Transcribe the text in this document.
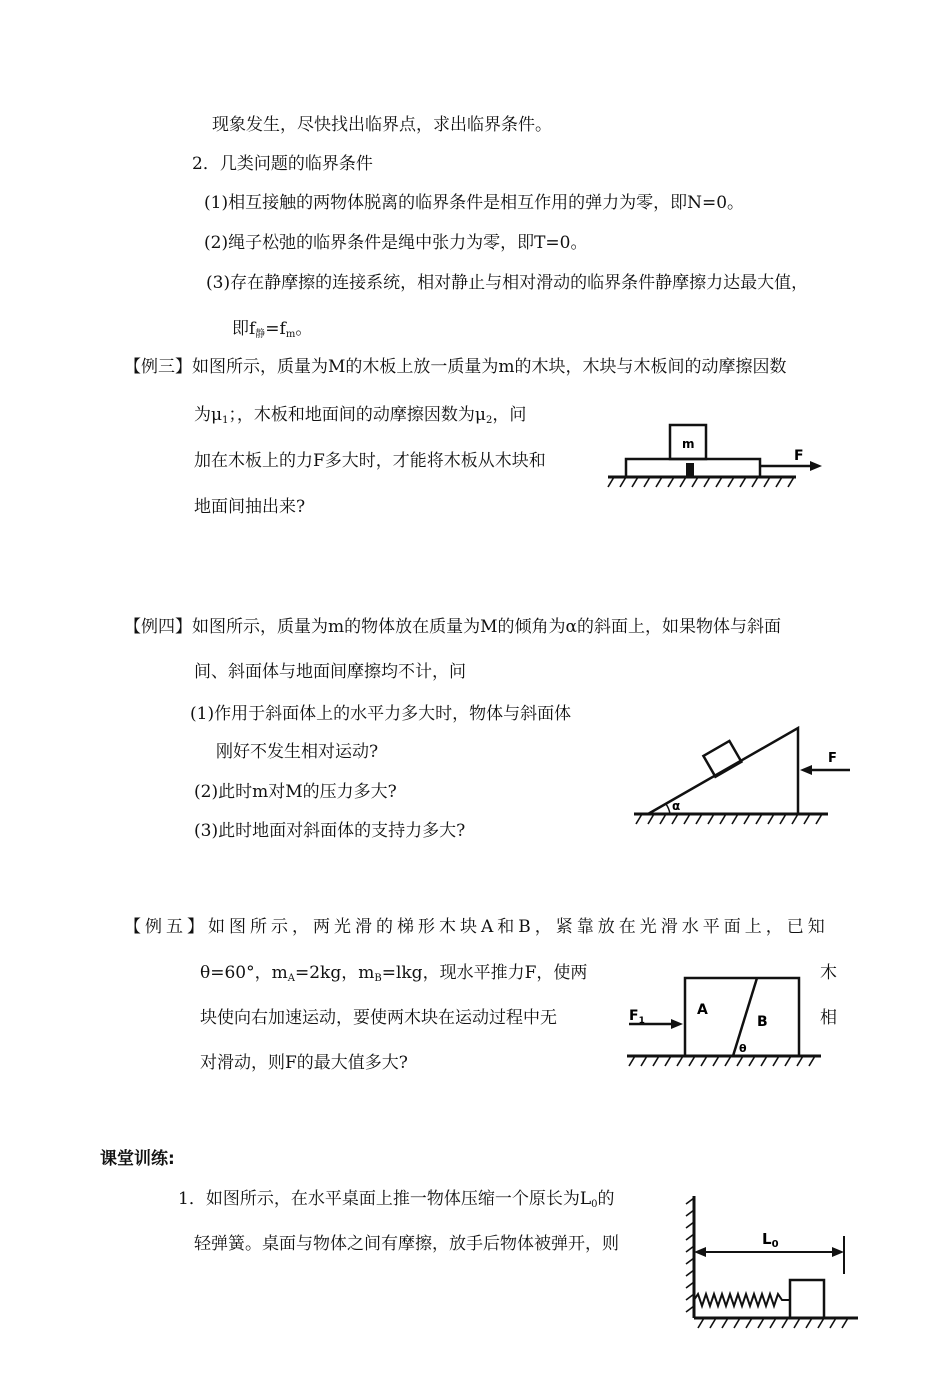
现象发生，尽快找出临界点，求出临界条件。
2．几类问题的临界条件
(1)相互接触的两物体脱离的临界条件是相互作用的弹力为零，即N=0。
(2)绳子松弛的临界条件是绳中张力为零，即T=0。
(3)存在静摩擦的连接系统，相对静止与相对滑动的临界条件静摩擦力达最大值，
即$f_静=f_m$。
【例三】如图所示，质量为M的木板上放一质量为m的木块，木块与木板间的动摩擦因数
为$\mu_1$；，木板和地面间的动摩擦因数为$\mu_2$，问
加在木板上的力F多大时，才能将木板从木块和
地面间抽出来?
m
F
【例四】如图所示，质量为m的物体放在质量为M的倾角为α的斜面上，如果物体与斜面
间、斜面体与地面间摩擦均不计，问
(1)作用于斜面体上的水平力多大时，物体与斜面体
刚好不发生相对运动?
(2)此时m对M的压力多大?
(3)此时地面对斜面体的支持力多大?
α
F
【例五】如图所示，两光滑的梯形木块A和B，紧靠放在光滑水平面上，已知
θ=60°，$m_A=2kg$，$m_B=lkg$，现水平推力F，使两	木
块使向右加速运动，要使两木块在运动过程中无	相
对滑动，则F的最大值多大?
A
B
θ
$F_1$
课堂训练:
1．如图所示，在水平桌面上推一物体压缩一个原长为$L_0$的
轻弹簧。桌面与物体之间有摩擦，放手后物体被弹开，则	$L_0$
